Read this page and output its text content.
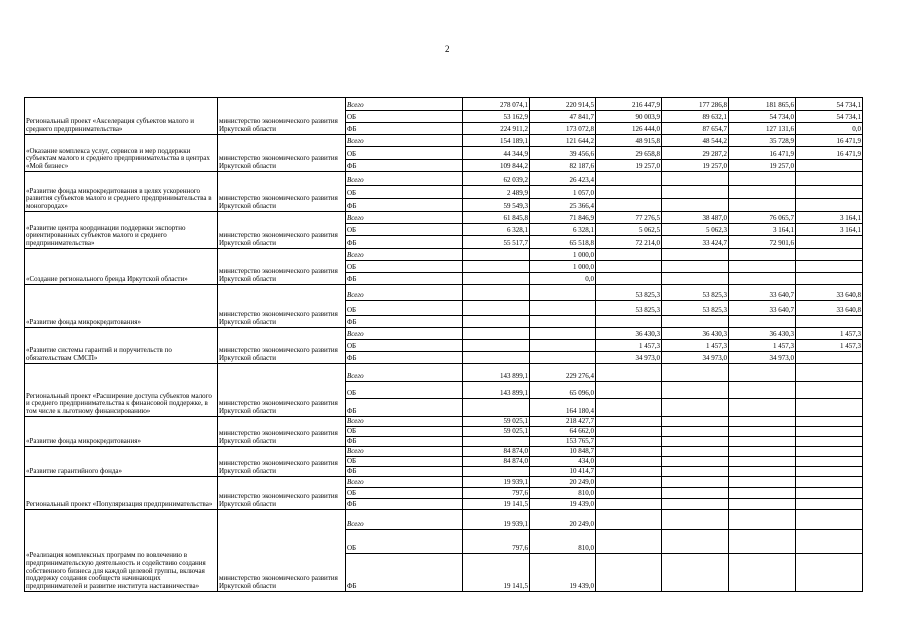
2
Региональный проект «Акселерация субъектов малого и среднего предпринимательства»	министерство экономического развития Иркутской области	Всего	278 074,1	220 914,5	216 447,9	177 286,8	181 865,6	54 734,1
		ОБ	53 162,9	47 841,7	90 003,9	89 632,1	54 734,0	54 734,1
		ФБ	224 911,2	173 072,8	126 444,0	87 654,7	127 131,6	0,0
«Оказание комплекса услуг, сервисов и мер поддержки субъектам малого и среднего предпринимательства в центрах «Мой бизнес»	министерство экономического развития Иркутской области	Всего	154 189,1	121 644,2	48 915,8	48 544,2	35 728,9	16 471,9
		ОБ	44 344,9	39 456,6	29 658,8	29 287,2	16 471,9	16 471,9
		ФБ	109 844,2	82 187,6	19 257,0	19 257,0	19 257,0	
«Развитие фонда микрокредитования в целях ускоренного развития субъектов малого и среднего предпринимательства в моногородах»	министерство экономического развития Иркутской области	Всего	62 039,2	26 423,4				
		ОБ	2 489,9	1 057,0				
		ФБ	59 549,3	25 366,4				
«Развитие центра координации поддержки экспортно ориентированных субъектов малого и среднего предпринимательства»	министерство экономического развития Иркутской области	Всего	61 845,8	71 846,9	77 276,5	38 487,0	76 065,7	3 164,1
		ОБ	6 328,1	6 328,1	5 062,5	5 062,3	3 164,1	3 164,1
		ФБ	55 517,7	65 518,8	72 214,0	33 424,7	72 901,6	
«Создание регионального бренда Иркутской области»	министерство экономического развития Иркутской области	Всего		1 000,0				
		ОБ		1 000,0				
		ФБ		0,0				
«Развитие фонда микрокредитования»	министерство экономического развития Иркутской области	Всего			53 825,3	53 825,3	33 640,7	33 640,8
		ОБ			53 825,3	53 825,3	33 640,7	33 640,8
		ФБ						
«Развитие системы гарантий и поручительств по обязательствам СМСП»	министерство экономического развития Иркутской области	Всего			36 430,3	36 430,3	36 430,3	1 457,3
		ОБ			1 457,3	1 457,3	1 457,3	1 457,3
		ФБ			34 973,0	34 973,0	34 973,0	
Региональный проект «Расширение доступа субъектов малого и среднего предпринимательства к финансовой поддержке, в том числе к льготному финансированию»	министерство экономического развития Иркутской области	Всего	143 899,1	229 276,4				
		ОБ	143 899,1	65 096,0				
		ФБ		164 180,4				
«Развитие фонда микрокредитования»	министерство экономического развития Иркутской области	Всего	59 025,1	218 427,7				
		ОБ	59 025,1	64 662,0				
		ФБ		153 765,7				
«Развитие гарантийного фонда»	министерство экономического развития Иркутской области	Всего	84 874,0	10 848,7				
		ОБ	84 874,0	434,0				
		ФБ		10 414,7				
Региональный проект «Популяризация предпринимательства»	министерство экономического развития Иркутской области	Всего	19 939,1	20 249,0				
		ОБ	797,6	810,0				
		ФБ	19 141,5	19 439,0				
«Реализация комплексных программ по вовлечению в предпринимательскую деятельность и содействию создания собственного бизнеса для каждой целевой группы, включая поддержку создания сообществ начинающих предпринимателей и развитие института наставничества»	министерство экономического развития Иркутской области	Всего	19 939,1	20 249,0				
		ОБ	797,6	810,0				
		ФБ	19 141,5	19 439,0				
